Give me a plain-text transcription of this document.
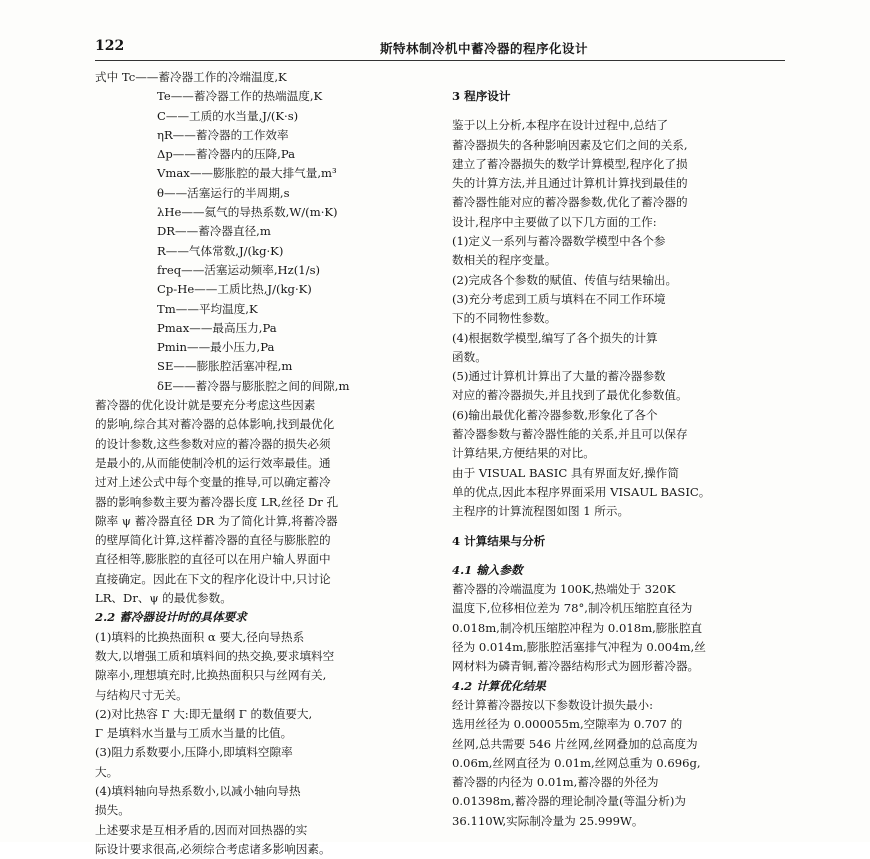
122	斯特林制冷机中蓄冷器的程序化设计
式中 Tc——蓄冷器工作的冷端温度,K
Te——蓄冷器工作的热端温度,K
C——工质的水当量,J/(K·s)
ηR——蓄冷器的工作效率
Δp——蓄冷器内的压降,Pa
Vmax——膨胀腔的最大排气量,m³
θ——活塞运行的半周期,s
λHe——氦气的导热系数,W/(m·K)
DR——蓄冷器直径,m
R——气体常数,J/(kg·K)
freq——活塞运动频率,Hz(1/s)
Cp-He——工质比热,J/(kg·K)
Tm——平均温度,K
Pmax——最高压力,Pa
Pmin——最小压力,Pa
SE——膨胀腔活塞冲程,m
δE——蓄冷器与膨胀腔之间的间隙,m
蓄冷器的优化设计就是要充分考虑这些因素
的影响,综合其对蓄冷器的总体影响,找到最优化
的设计参数,这些参数对应的蓄冷器的损失必须
是最小的,从而能使制冷机的运行效率最佳。通
过对上述公式中每个变量的推导,可以确定蓄冷
器的影响参数主要为蓄冷器长度 LR,丝径 Dr 孔
隙率 ψ 蓄冷器直径 DR 为了简化计算,将蓄冷器
的壁厚简化计算,这样蓄冷器的直径与膨胀腔的
直径相等,膨胀腔的直径可以在用户输人界面中
直接确定。因此在下文的程序化设计中,只讨论
LR、Dr、ψ 的最优参数。
2.2 蓄冷器设计时的具体要求
(1)填料的比换热面积 α 要大,径向导热系
数大,以增强工质和填料间的热交换,要求填料空
隙率小,理想填充时,比换热面积只与丝网有关,
与结构尺寸无关。
(2)对比热容 Γ 大:即无量纲 Γ 的数值要大,
Γ 是填料水当量与工质水当量的比值。
(3)阻力系数要小,压降小,即填料空隙率
大。
(4)填料轴向导热系数小,以减小轴向导热
损失。
上述要求是互相矛盾的,因而对回热器的实
际设计要求很高,必须综合考虑诸多影响因素。
3 程序设计
鉴于以上分析,本程序在设计过程中,总结了
蓄冷器损失的各种影响因素及它们之间的关系,
建立了蓄冷器损失的数学计算模型,程序化了损
失的计算方法,并且通过计算机计算找到最佳的
蓄冷器性能对应的蓄冷器参数,优化了蓄冷器的
设计,程序中主要做了以下几方面的工作:
(1)定义一系列与蓄冷器数学模型中各个参
数相关的程序变量。
(2)完成各个参数的赋值、传值与结果输出。
(3)充分考虑到工质与填料在不同工作环境
下的不同物性参数。
(4)根据数学模型,编写了各个损失的计算
函数。
(5)通过计算机计算出了大量的蓄冷器参数
对应的蓄冷器损失,并且找到了最优化参数值。
(6)输出最优化蓄冷器参数,形象化了各个
蓄冷器参数与蓄冷器性能的关系,并且可以保存
计算结果,方便结果的对比。
由于 VISUAL BASIC 具有界面友好,操作简
单的优点,因此本程序界面采用 VISAUL BASIC。
主程序的计算流程图如图 1 所示。
4 计算结果与分析
4.1 输入参数
蓄冷器的冷端温度为 100K,热端处于 320K
温度下,位移相位差为 78°,制冷机压缩腔直径为
0.018m,制冷机压缩腔冲程为 0.018m,膨胀腔直
径为 0.014m,膨胀腔活塞排气冲程为 0.004m,丝
网材料为磷青铜,蓄冷器结构形式为圆形蓄冷器。
4.2 计算优化结果
经计算蓄冷器按以下参数设计损失最小:
选用丝径为 0.000055m,空隙率为 0.707 的
丝网,总共需要 546 片丝网,丝网叠加的总高度为
0.06m,丝网直径为 0.01m,丝网总重为 0.696g,
蓄冷器的内径为 0.01m,蓄冷器的外径为
0.01398m,蓄冷器的理论制冷量(等温分析)为
36.110W,实际制冷量为 25.999W。
